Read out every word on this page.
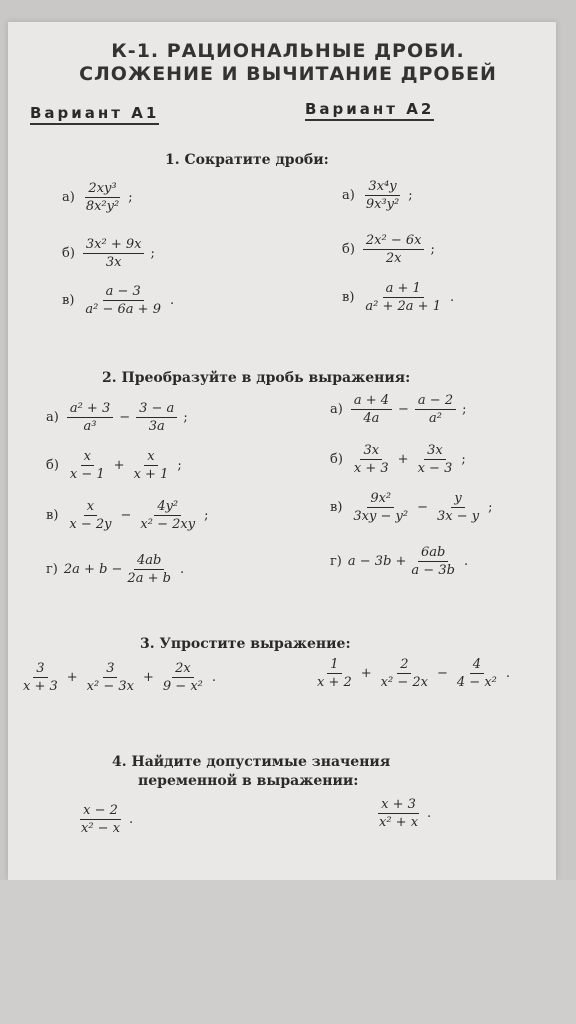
К-1. РАЦИОНАЛЬНЫЕ ДРОБИ.
СЛОЖЕНИЕ И ВЫЧИТАНИЕ ДРОБЕЙ
Вариант А1	Вариант А2
1. Сократите дроби:
$а) \frac{\text{2xy³}}{\text{8x²y²}}$ ;
$б) \frac{\text{3x² + 9x}}{3x}$ ;
$в) \frac{a - 3}{\text{a² − 6a + 9}}$ .
$а) \frac{\text{3x⁴y}}{\text{9x³y²}}$ ;
$б) \frac{\text{2x² − 6x}}{2x}$ ;
$в) \frac{a + 1}{\text{a² + 2a + 1}}$ .
2. Преобразуйте в дробь выражения:
$а) \frac{\text{a² + 3}}{\text{a³}} - \frac{3 - a}{3a}$ ;
$б) \frac{x}{x - 1} + \frac{x}{x + 1}$ ;
$в) \frac{x}{x - 2y} - \frac{\text{4y²}}{\text{x² − 2xy}}$ ;
г) $2a + b - \frac{4ab}{2a + b}$ .
$а) \frac{a + 4}{4a} - \frac{a - 2}{\text{a²}}$ ;
$б) \frac{3x}{x + 3} + \frac{3x}{x - 3}$ ;
$в) \frac{\text{9x²}}{\text{3xy − y²}} - \frac{y}{3x - y}$ ;
г) $a - 3b + \frac{6ab}{a - 3b}$ .
3. Упростите выражение:
$\frac{3}{x + 3} + \frac{3}{\text{x² − 3x}} + \frac{2x}{\text{9 − x²}}$ .	$\frac{1}{x + 2} + \frac{2}{\text{x² − 2x}} - \frac{4}{\text{4 − x²}}$ .
4. Найдите допустимые значения
переменной в выражении:
$\frac{x - 2}{\text{x² − x}}$ .	$\frac{x + 3}{\text{x² + x}}$ .
